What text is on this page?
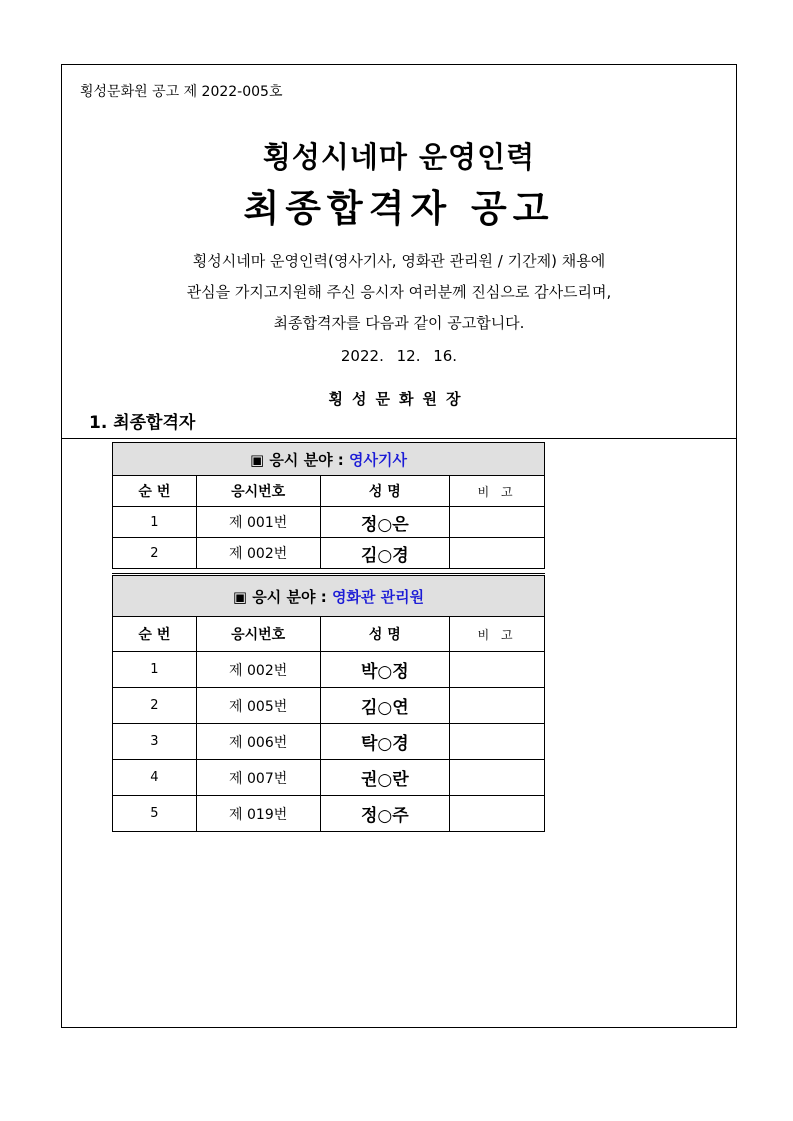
횡성문화원 공고 제 2022-005호
횡성시네마 운영인력
최종합격자 공고
횡성시네마 운영인력(영사기사, 영화관 관리원 / 기간제) 채용에
관심을 가지고지원해 주신 응시자 여러분께 진심으로 감사드리며,
최종합격자를 다음과 같이 공고합니다.
2022. 12. 16.
횡성문화원장
1. 최종합격자
▣ 응시 분야 : 영사기사			
순 번	응시번호	성 명	비 고
1	제 001번	정○은	
2	제 002번	김○경	
▣ 응시 분야 : 영화관 관리원			
순 번	응시번호	성 명	비 고
1	제 002번	박○정	
2	제 005번	김○연	
3	제 006번	탁○경	
4	제 007번	권○란	
5	제 019번	정○주	
